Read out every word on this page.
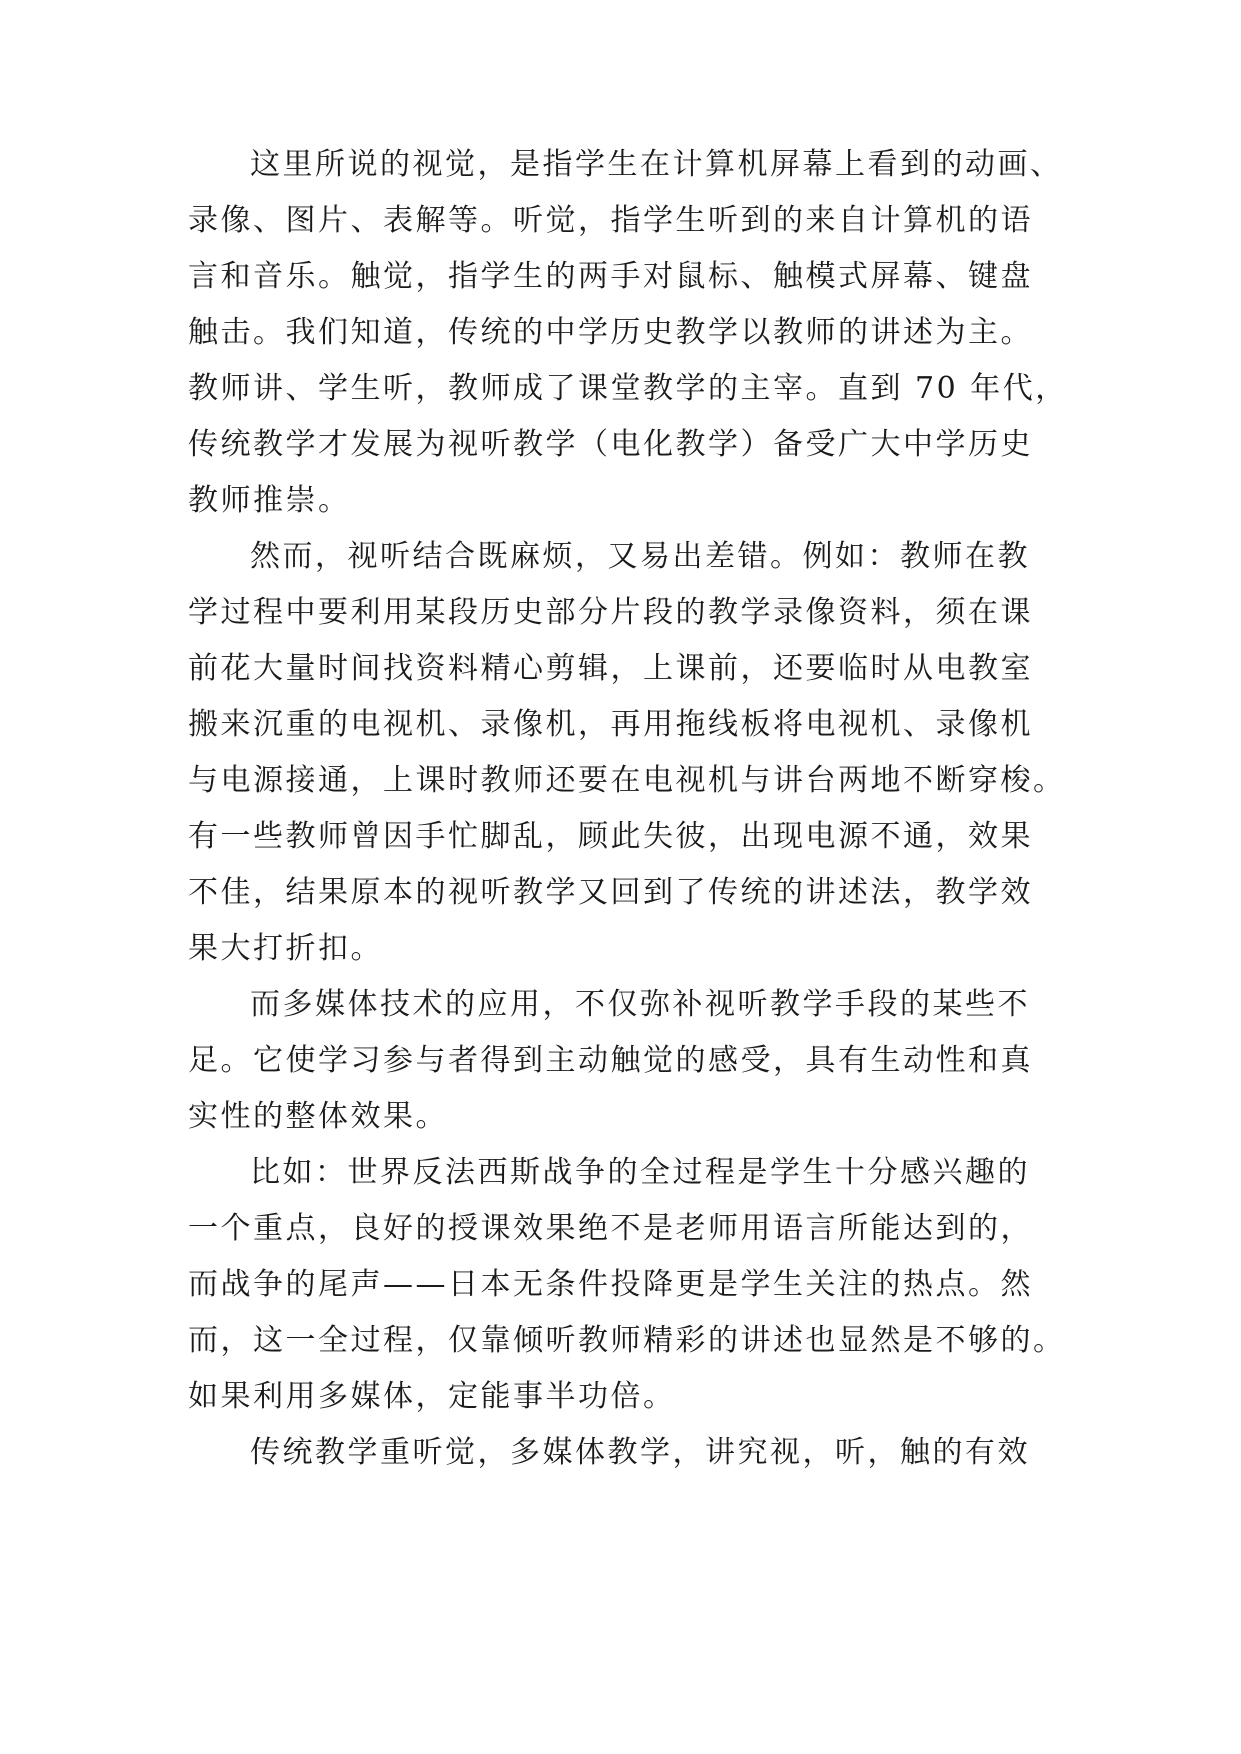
这里所说的视觉，是指学生在计算机屏幕上看到的动画、
录像、图片、表解等。听觉，指学生听到的来自计算机的语
言和音乐。触觉，指学生的两手对鼠标、触模式屏幕、键盘
触击。我们知道，传统的中学历史教学以教师的讲述为主。
教师讲、学生听，教师成了课堂教学的主宰。直到 70 年代，
传统教学才发展为视听教学（电化教学）备受广大中学历史
教师推崇。
然而，视听结合既麻烦，又易出差错。例如：教师在教
学过程中要利用某段历史部分片段的教学录像资料，须在课
前花大量时间找资料精心剪辑，上课前，还要临时从电教室
搬来沉重的电视机、录像机，再用拖线板将电视机、录像机
与电源接通，上课时教师还要在电视机与讲台两地不断穿梭。
有一些教师曾因手忙脚乱，顾此失彼，出现电源不通，效果
不佳，结果原本的视听教学又回到了传统的讲述法，教学效
果大打折扣。
而多媒体技术的应用，不仅弥补视听教学手段的某些不
足。它使学习参与者得到主动触觉的感受，具有生动性和真
实性的整体效果。
比如：世界反法西斯战争的全过程是学生十分感兴趣的
一个重点，良好的授课效果绝不是老师用语言所能达到的，
而战争的尾声——日本无条件投降更是学生关注的热点。然
而，这一全过程，仅靠倾听教师精彩的讲述也显然是不够的。
如果利用多媒体，定能事半功倍。
传统教学重听觉，多媒体教学，讲究视，听，触的有效
